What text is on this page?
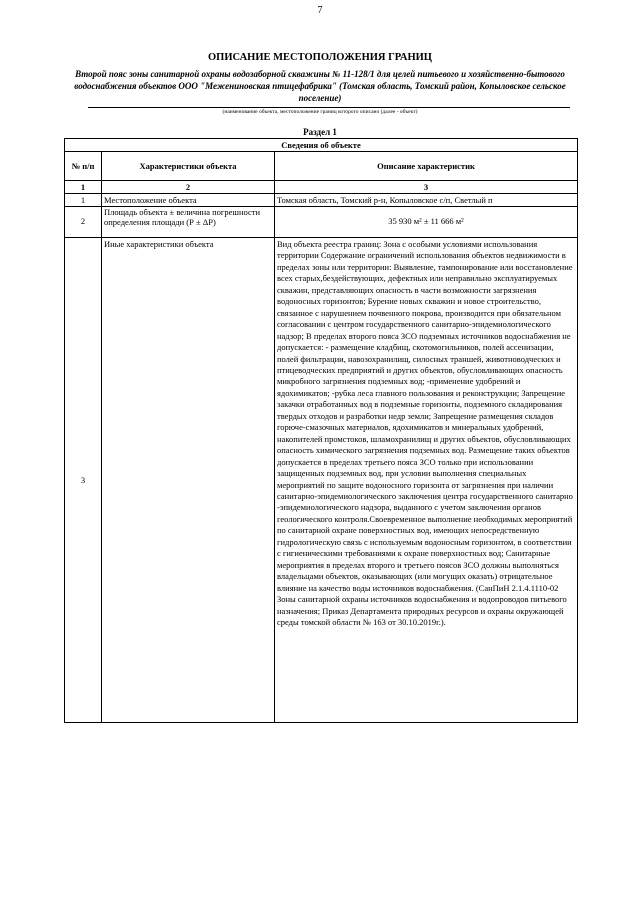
7
ОПИСАНИЕ МЕСТОПОЛОЖЕНИЯ ГРАНИЦ
Второй пояс зоны санитарной охраны водозаборной скважины № 11-128/1 для целей питьевого и хозяйственно-бытового водоснабжения объектов ООО "Межениновская птицефабрика" (Томская область, Томский район, Копыловское сельское поселение)
(наименование объекта, местоположение границ которого описано (далее - объект)
Раздел 1
Сведения об объекте		
№ п/п	Характеристики объекта	Описание характеристик
1	2	3
1	Местоположение объекта	Томская область, Томский р-н, Копыловское с/п, Светлый п
2	Площадь объекта ± величина погрешности определения площади (Р ± ΔР)	35 930 м² ± 11 666 м²
3	Иные характеристики объекта	Вид объекта реестра границ: Зона с особыми условиями использования территории Содержание ограничений использования объектов недвижимости в пределах зоны или территории: Выявление, тампонирование или восстановление всех старых,бездействующих, дефектных или неправильно эксплуатируемых скважин, представляющих опасность в части возможности загрязнения водоносных горизонтов; Бурение новых скважин и новое строительство, связанное с нарушением почвенного покрова, производится при обязательном согласовании с центром государственного санитарно-эпидемиологического надзор; В пределах второго пояса ЗСО подземных источников водоснабжения не допускается: - размещение кладбищ, скотомогильников, полей ассенизации, полей фильтрации, навозохранилищ, силосных траншей, животноводческих и птицеводческих предприятий и других объектов, обусловливающих опасность микробного загрязнения подземных вод; -применение удобрений и ядохимикатов; -рубка леса главного пользования и реконструкции; Запрещение закачки отработанных вод в подземные горизонты, подземного складирования твердых отходов и разработки недр земли; Запрещение размещения складов горюче-смазочных материалов, ядохимикатов и минеральных удобрений, накопителей промстоков, шламохранилищ и других объектов, обусловливающих опасность химического загрязнения подземных вод. Размещение таких объектов допускается в пределах третьего пояса ЗСО только при использовании защищенных подземных вод, при условии выполнения специальных мероприятий по защите водоносного горизонта от загрязнения при наличии санитарно-эпидемиологического заключения центра государственного санитарно -эпидемиологического надзора, выданного с учетом заключения органов геологического контроля.Своевременное выполнение необходимых мероприятий по санитарной охране поверхностных вод, имеющих непосредственную гидрологическую связь с используемым водоносным горизонтом, в соответствии с гигиеническими требованиями к охране поверхностных вод; Санитарные мероприятия в пределах второго и третьего поясов ЗСО должны выполняться владельцами объектов, оказывающих (или могущих оказать) отрицательное влияние на качество воды источников водоснабжения. (СанПиН 2.1.4.1110-02 Зоны санитарной охраны источников водоснабжения и водопроводов питьевого назначения; Приказ Департамента природных ресурсов и охраны окружающей среды томской области № 163 от 30.10.2019г.).
